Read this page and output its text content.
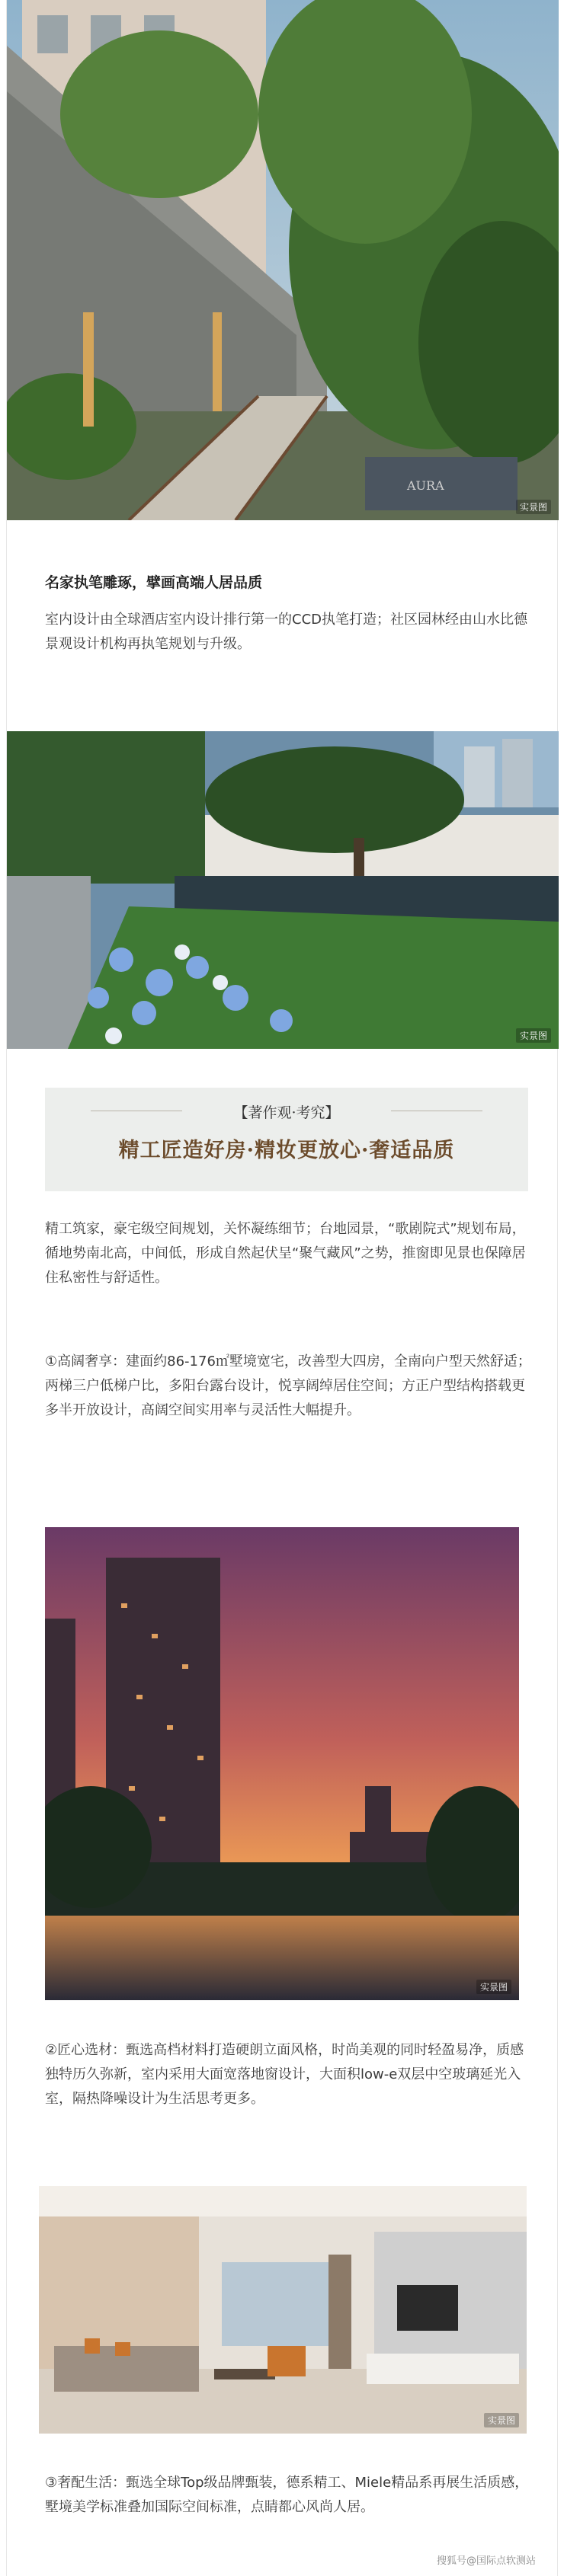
AURA
实景图
名家执笔雕琢，擘画高端人居品质
室内设计由全球酒店室内设计排行第一的CCD执笔打造；社区园林经由山水比德景观设计机构再执笔规划与升级。
实景图
【著作观·考究】
精工匠造好房·精妆更放心·奢适品质
精工筑家，豪宅级空间规划，关怀凝练细节；台地园景，“歌剧院式”规划布局，循地势南北高，中间低，形成自然起伏呈“聚气藏风”之势，推窗即见景也保障居住私密性与舒适性。
①高阔奢享：建面约86-176㎡墅境宽宅，改善型大四房，全南向户型天然舒适；两梯三户低梯户比，多阳台露台设计，悦享阔绰居住空间；方正户型结构搭载更多半开放设计，高阔空间实用率与灵活性大幅提升。
实景图
②匠心选材：甄选高档材料打造硬朗立面风格，时尚美观的同时轻盈易净，质感独特历久弥新，室内采用大面宽落地窗设计，大面积low-e双层中空玻璃延光入室，隔热降噪设计为生活思考更多。
实景图
③奢配生活：甄选全球Top级品牌甄装，德系精工、Miele精品系再展生活质感，墅境美学标准叠加国际空间标准，点睛都心风尚人居。
搜狐号@国际点软测站
